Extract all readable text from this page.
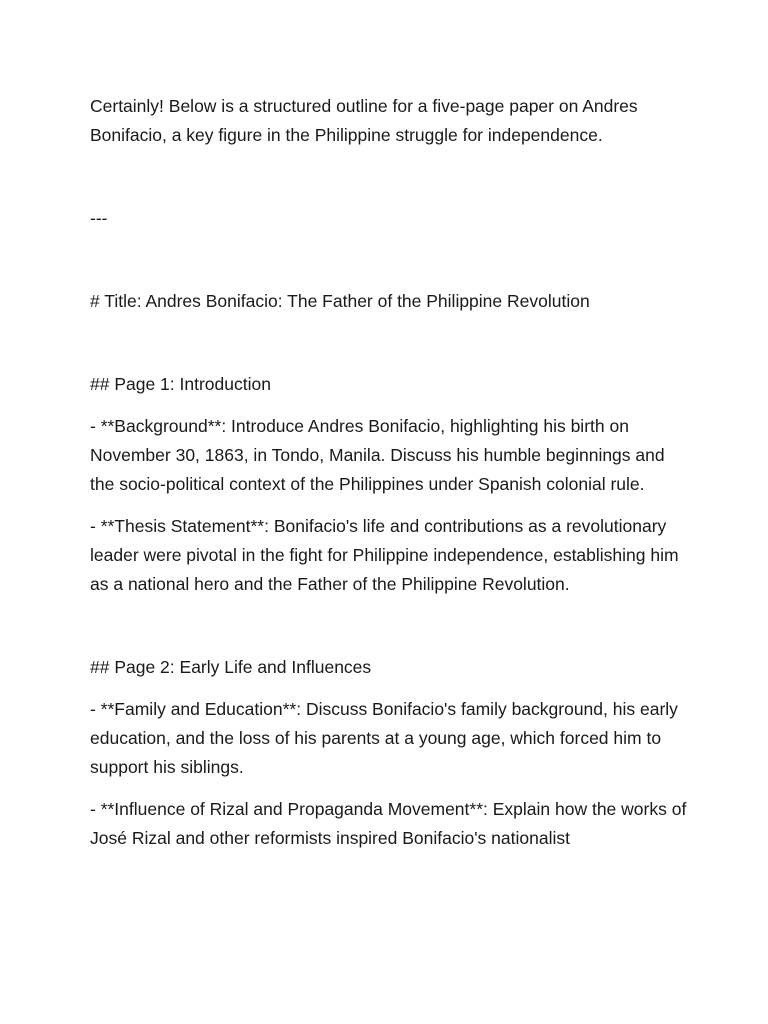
Certainly! Below is a structured outline for a five-page paper on Andres Bonifacio, a key figure in the Philippine struggle for independence.

---

# Title: Andres Bonifacio: The Father of the Philippine Revolution

## Page 1: Introduction

- **Background**: Introduce Andres Bonifacio, highlighting his birth on November 30, 1863, in Tondo, Manila. Discuss his humble beginnings and the socio-political context of the Philippines under Spanish colonial rule.

- **Thesis Statement**: Bonifacio's life and contributions as a revolutionary leader were pivotal in the fight for Philippine independence, establishing him as a national hero and the Father of the Philippine Revolution.

## Page 2: Early Life and Influences

- **Family and Education**: Discuss Bonifacio's family background, his early education, and the loss of his parents at a young age, which forced him to support his siblings.

- **Influence of Rizal and Propaganda Movement**: Explain how the works of José Rizal and other reformists inspired Bonifacio's nationalist
